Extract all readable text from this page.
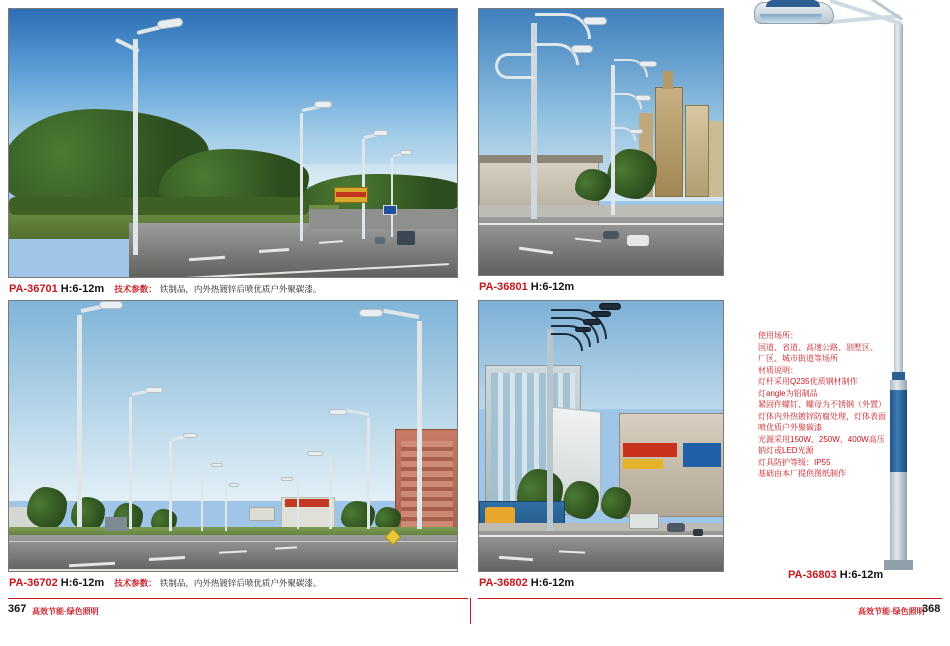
PA-36701 H:6-12m 技术参数： 铁制品，内外热镀锌后喷优质户外聚碳漆。	PA-36801 H:6-12m
PA-36702 H:6-12m 技术参数： 铁制品，内外热镀锌后喷优质户外聚碳漆。	PA-36802 H:6-12m
PA-36803 H:6-12m
使用场所：
国道、省道、高速公路、别墅区、
厂区、城市街道等场所
材质说明：
灯杆采用Q235优质钢材制作
灯angle为铝制品
紧固件螺钉、螺母为不锈钢（外置）
灯体内外热镀锌防腐处理，灯体表面
喷优质户外聚碳漆
光源采用150W、250W、400W高压
钠灯或LED光源
灯具防护等级：IP55
基础由本厂提供图纸制作
367 高效节能·绿色照明	高效节能·绿色照明
368
